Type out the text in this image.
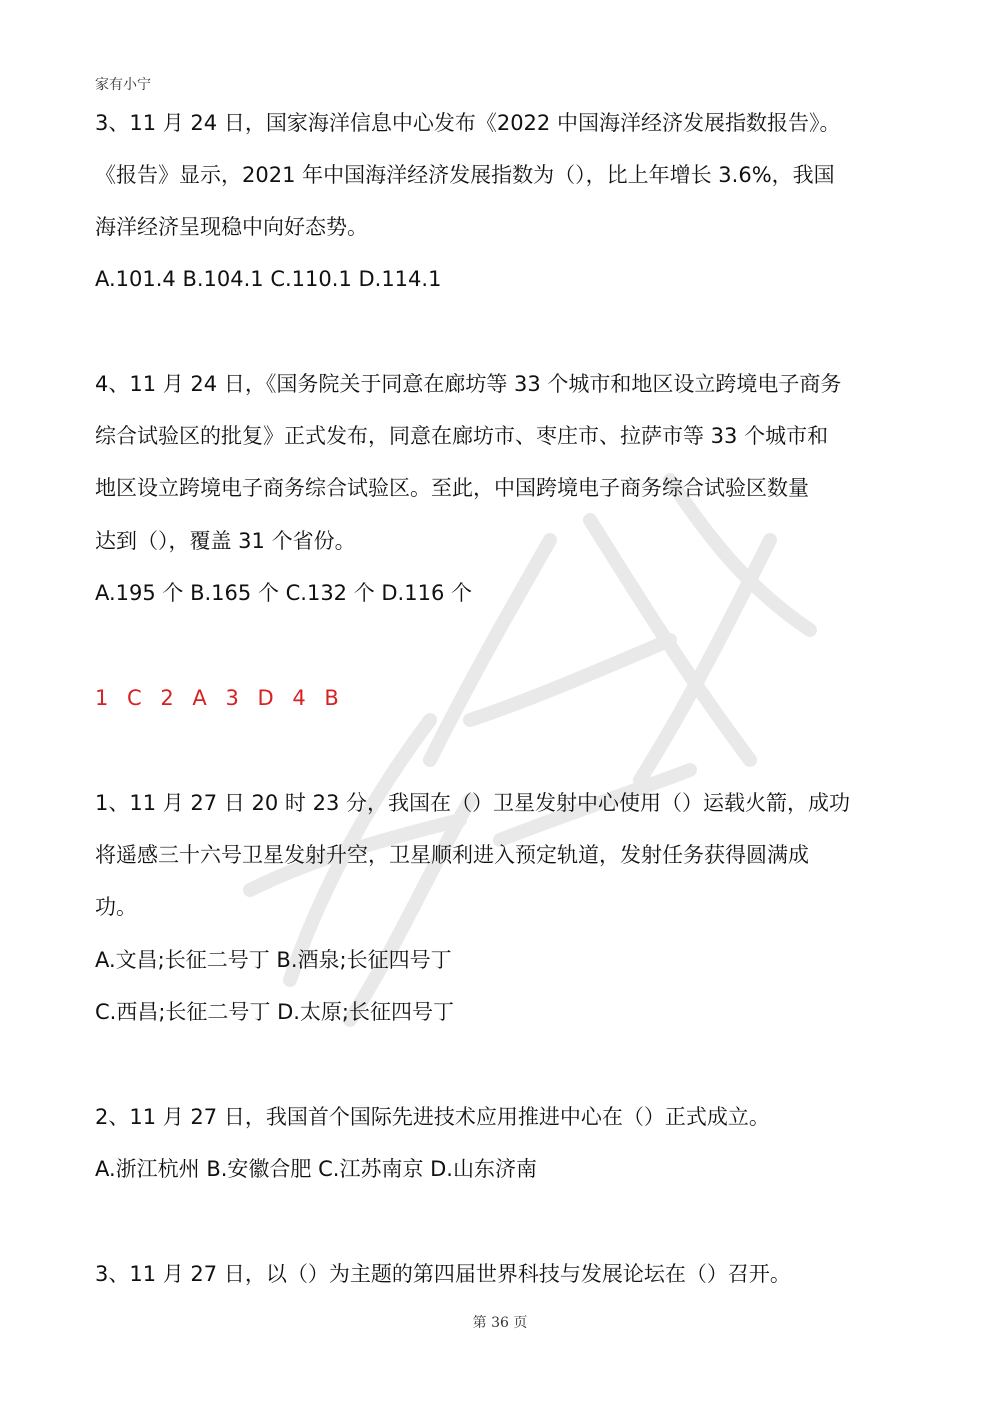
家有小宁
3、11 月 24 日，国家海洋信息中心发布《2022 中国海洋经济发展指数报告》。
《报告》显示，2021 年中国海洋经济发展指数为（），比上年增长 3.6%，我国
海洋经济呈现稳中向好态势。
A.101.4 B.104.1 C.110.1 D.114.1
4、11 月 24 日，《国务院关于同意在廊坊等 33 个城市和地区设立跨境电子商务
综合试验区的批复》正式发布，同意在廊坊市、枣庄市、拉萨市等 33 个城市和
地区设立跨境电子商务综合试验区。至此，中国跨境电子商务综合试验区数量
达到（），覆盖 31 个省份。
A.195 个 B.165 个 C.132 个 D.116 个
1 C 2 A 3 D 4 B
1、11 月 27 日 20 时 23 分，我国在（）卫星发射中心使用（）运载火箭，成功
将遥感三十六号卫星发射升空，卫星顺利进入预定轨道，发射任务获得圆满成
功。
A.文昌;长征二号丁 B.酒泉;长征四号丁
C.西昌;长征二号丁 D.太原;长征四号丁
2、11 月 27 日，我国首个国际先进技术应用推进中心在（）正式成立。
A.浙江杭州 B.安徽合肥 C.江苏南京 D.山东济南
3、11 月 27 日，以（）为主题的第四届世界科技与发展论坛在（）召开。
第 36 页
